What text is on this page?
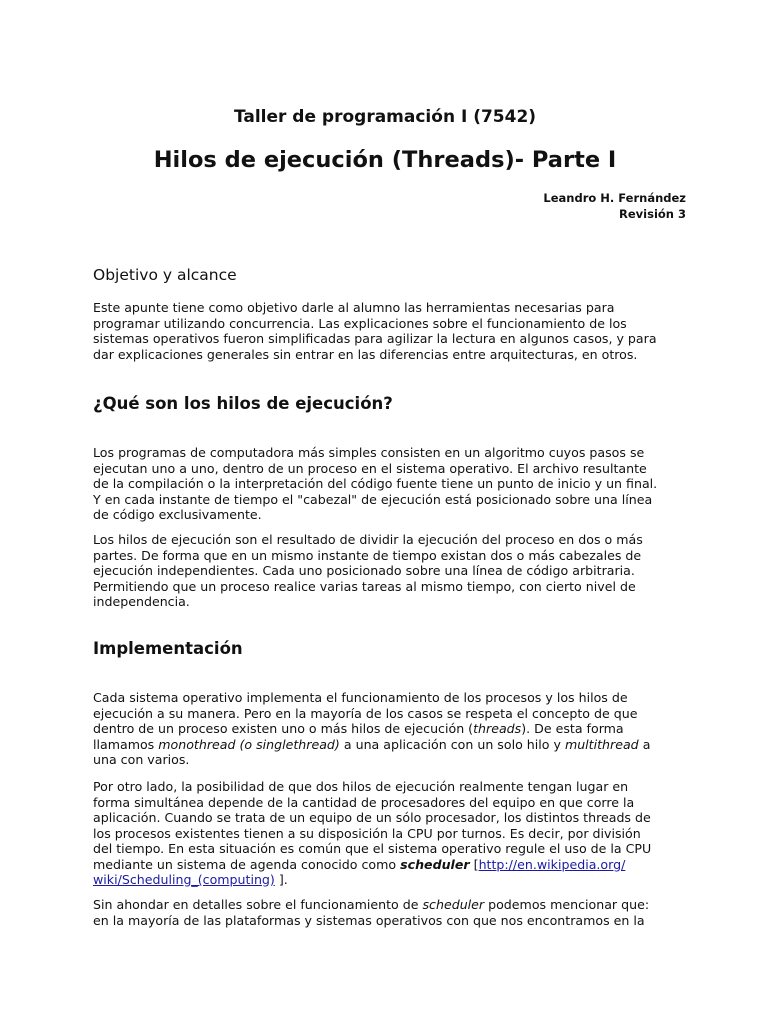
Taller de programación I (7542)
Hilos de ejecución (Threads)- Parte I
Leandro H. Fernández
Revisión 3
Objetivo y alcance

Este apunte tiene como objetivo darle al alumno las herramientas necesarias para
programar utilizando concurrencia. Las explicaciones sobre el funcionamiento de los
sistemas operativos fueron simplificadas para agilizar la lectura en algunos casos, y para
dar explicaciones generales sin entrar en las diferencias entre arquitecturas, en otros.

¿Qué son los hilos de ejecución?

Los programas de computadora más simples consisten en un algoritmo cuyos pasos se
ejecutan uno a uno, dentro de un proceso en el sistema operativo. El archivo resultante
de la compilación o la interpretación del código fuente tiene un punto de inicio y un final.
Y en cada instante de tiempo el "cabezal" de ejecución está posicionado sobre una línea
de código exclusivamente.

Los hilos de ejecución son el resultado de dividir la ejecución del proceso en dos o más
partes. De forma que en un mismo instante de tiempo existan dos o más cabezales de
ejecución independientes. Cada uno posicionado sobre una línea de código arbitraria.
Permitiendo que un proceso realice varias tareas al mismo tiempo, con cierto nivel de
independencia.

Implementación

Cada sistema operativo implementa el funcionamiento de los procesos y los hilos de
ejecución a su manera. Pero en la mayoría de los casos se respeta el concepto de que
dentro de un proceso existen uno o más hilos de ejecución (threads). De esta forma
llamamos monothread (o singlethread) a una aplicación con un solo hilo y multithread a
una con varios.

Por otro lado, la posibilidad de que dos hilos de ejecución realmente tengan lugar en
forma simultánea depende de la cantidad de procesadores del equipo en que corre la
aplicación. Cuando se trata de un equipo de un sólo procesador, los distintos threads de
los procesos existentes tienen a su disposición la CPU por turnos. Es decir, por división
del tiempo. En esta situación es común que el sistema operativo regule el uso de la CPU
mediante un sistema de agenda conocido como scheduler [http://en.wikipedia.org/
wiki/Scheduling_(computing) ].

Sin ahondar en detalles sobre el funcionamiento de scheduler podemos mencionar que:
en la mayoría de las plataformas y sistemas operativos con que nos encontramos en la
